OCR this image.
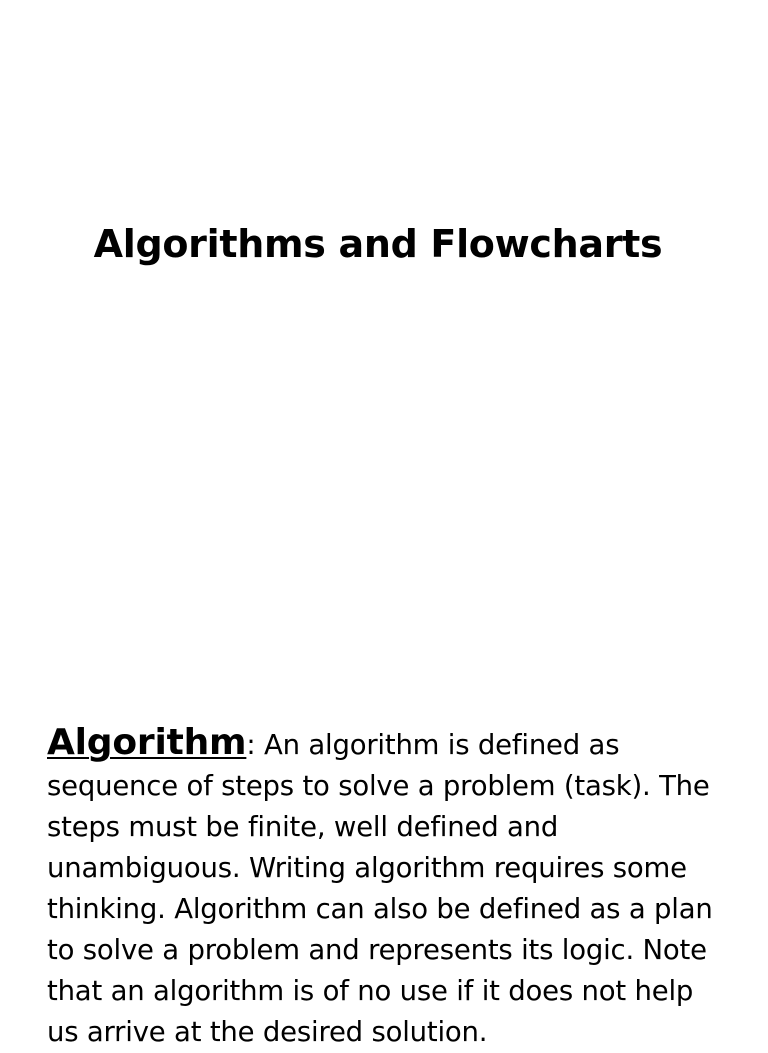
Algorithms and Flowcharts
Algorithm: An algorithm is defined as
sequence of steps to solve a problem (task). The
steps must be finite, well defined and
unambiguous. Writing algorithm requires some
thinking. Algorithm can also be defined as a plan
to solve a problem and represents its logic. Note
that an algorithm is of no use if it does not help
us arrive at the desired solution.
